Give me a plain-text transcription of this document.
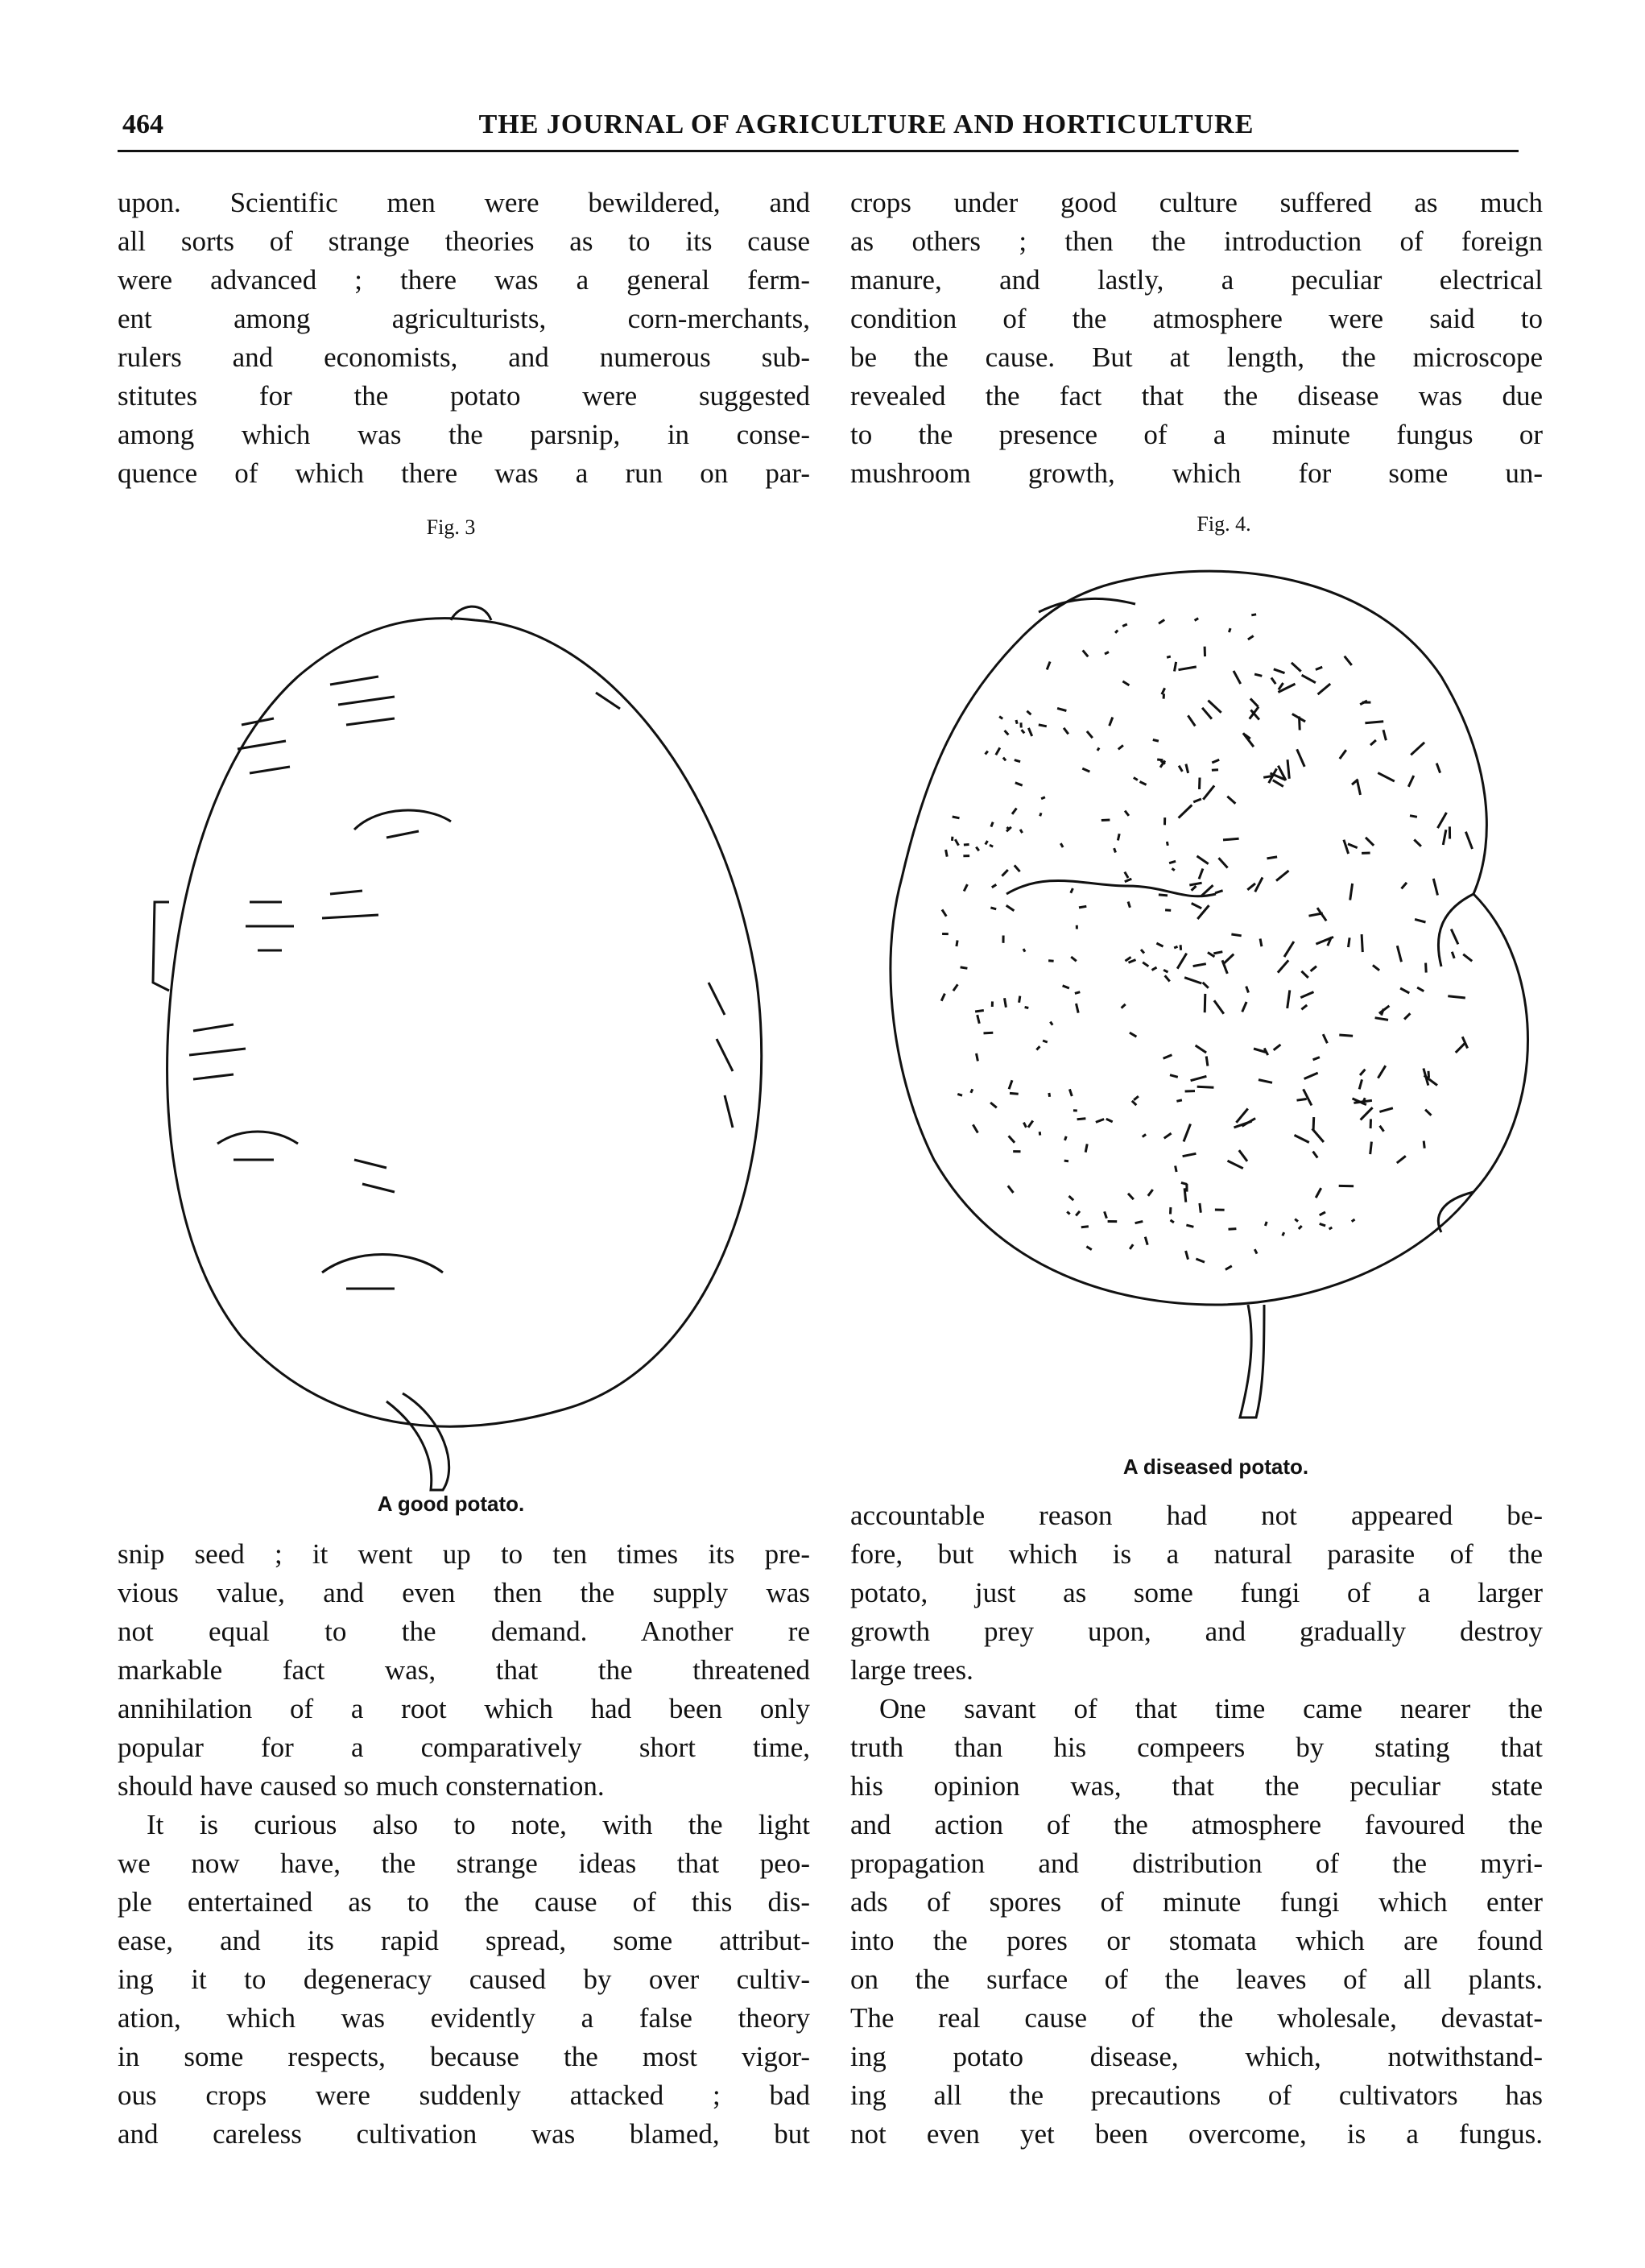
464	THE JOURNAL OF AGRICULTURE AND HORTICULTURE
upon. Scientific men were bewildered, and
all sorts of strange theories as to its cause
were advanced ; there was a general ferm-
ent among agriculturists, corn-merchants,
rulers and economists, and numerous sub-
stitutes for the potato were suggested
among which was the parsnip, in conse-
quence of which there was a run on par-
crops under good culture suffered as much
as others ; then the introduction of foreign
manure, and lastly, a peculiar electrical
condition of the atmosphere were said to
be the cause. But at length, the microscope
revealed the fact that the disease was due
to the presence of a minute fungus or
mushroom growth, which for some un-
Fig. 3	Fig. 4.
A good potato.
A diseased potato.
snip seed ; it went up to ten times its pre-
vious value, and even then the supply was
not equal to the demand. Another re
markable fact was, that the threatened
annihilation of a root which had been only
popular for a comparatively short time,
should have caused so much consternation.
It is curious also to note, with the light
we now have, the strange ideas that peo-
ple entertained as to the cause of this dis-
ease, and its rapid spread, some attribut-
ing it to degeneracy caused by over cultiv-
ation, which was evidently a false theory
in some respects, because the most vigor-
ous crops were suddenly attacked ; bad
and careless cultivation was blamed, but
accountable reason had not appeared be-
fore, but which is a natural parasite of the
potato, just as some fungi of a larger
growth prey upon, and gradually destroy
large trees.
One savant of that time came nearer the
truth than his compeers by stating that
his opinion was, that the peculiar state
and action of the atmosphere favoured the
propagation and distribution of the myri-
ads of spores of minute fungi which enter
into the pores or stomata which are found
on the surface of the leaves of all plants.
The real cause of the wholesale, devastat-
ing potato disease, which, notwithstand-
ing all the precautions of cultivators has
not even yet been overcome, is a fungus.
